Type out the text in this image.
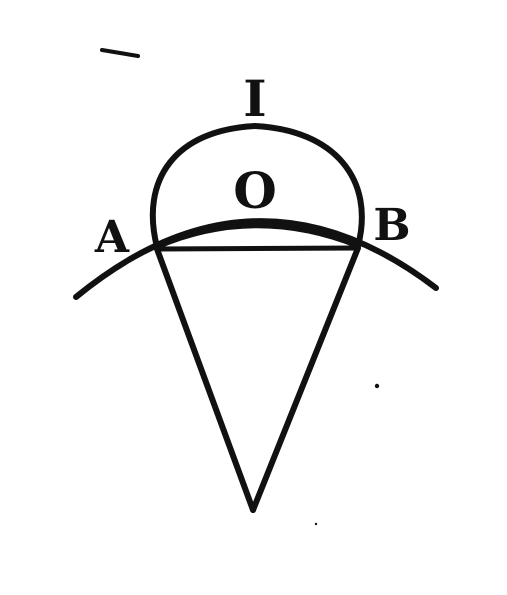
I
O
A	B
